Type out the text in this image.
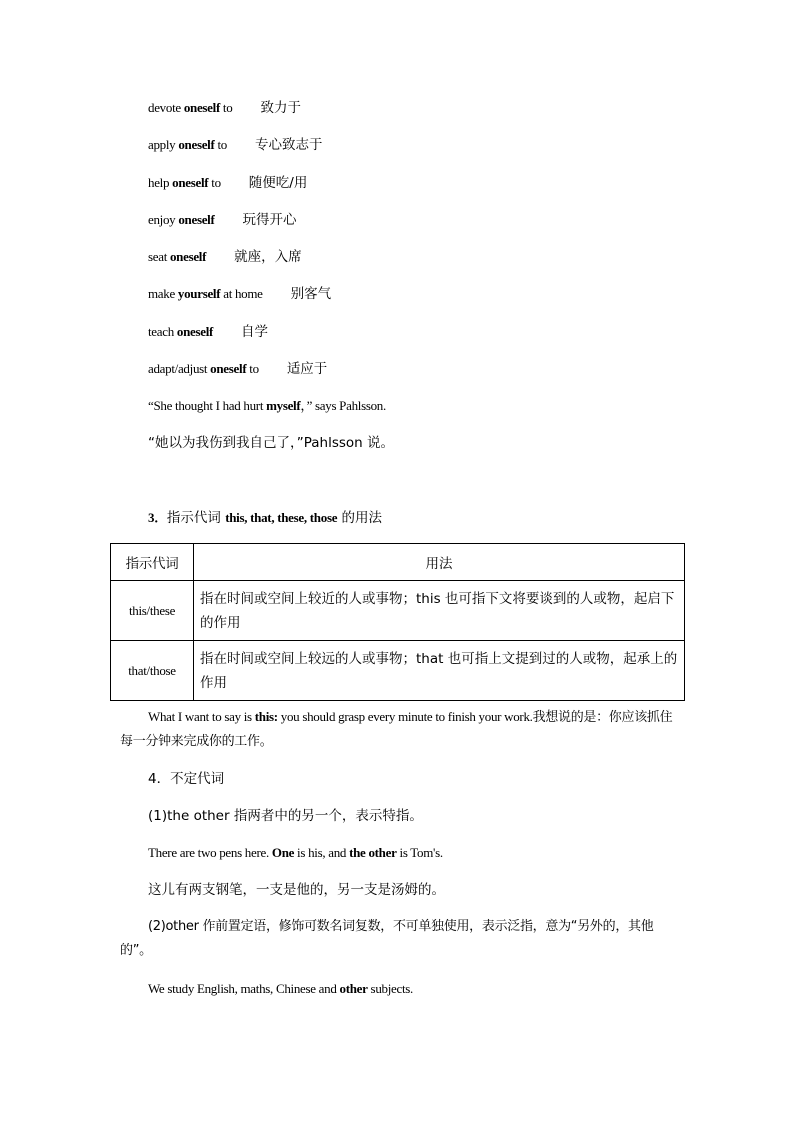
devote oneself to 致力于
apply oneself to 专心致志于
help oneself to 随便吃/用
enjoy oneself 玩得开心
seat oneself 就座，入席
make yourself at home 别客气
teach oneself 自学
adapt/adjust oneself to 适应于
“She thought I had hurt myself，” says Pahlsson.
“她以为我伤到我自己了，”Pahlsson 说。
3．指示代词 this, that, these, those 的用法
指示代词	用法
this/these	指在时间或空间上较近的人或事物；this 也可指下文将要谈到的人或物，起启下的作用
that/those	指在时间或空间上较远的人或事物；that 也可指上文提到过的人或物，起承上的作用
What I want to say is this: you should grasp every minute to finish your work.我想说的是：你应该抓住每一分钟来完成你的工作。
4．不定代词
(1)the other 指两者中的另一个，表示特指。
There are two pens here. One is his, and the other is Tom's.
这儿有两支钢笔，一支是他的，另一支是汤姆的。
(2)other 作前置定语，修饰可数名词复数，不可单独使用，表示泛指，意为“另外的，其他的”。
We study English, maths, Chinese and other subjects.
